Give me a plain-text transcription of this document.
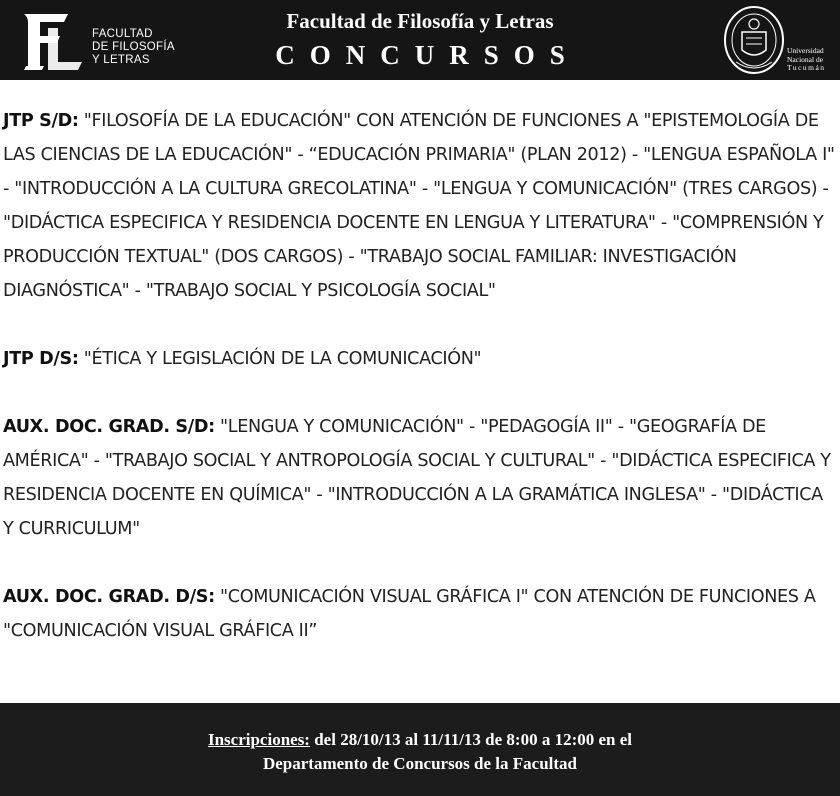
FACULTAD
DE FILOSOFÍA
Y LETRAS
Facultad de Filosofía y Letras
CONCURSOS	Universidad
Nacional de
Tucumán
JTP S/D: "FILOSOFÍA DE LA EDUCACIÓN" CON ATENCIÓN DE FUNCIONES A "EPISTEMOLOGÍA DE LAS CIENCIAS DE LA EDUCACIÓN" - “EDUCACIÓN PRIMARIA" (PLAN 2012) - "LENGUA ESPAÑOLA I" - "INTRODUCCIÓN A LA CULTURA GRECOLATINA" - "LENGUA Y COMUNICACIÓN" (TRES CARGOS) - "DIDÁCTICA ESPECIFICA Y RESIDENCIA DOCENTE EN LENGUA Y LITERATURA" - "COMPRENSIÓN Y PRODUCCIÓN TEXTUAL" (DOS CARGOS) - "TRABAJO SOCIAL FAMILIAR: INVESTIGACIÓN DIAGNÓSTICA" - "TRABAJO SOCIAL Y PSICOLOGÍA SOCIAL"
JTP D/S: "ÉTICA Y LEGISLACIÓN DE LA COMUNICACIÓN"
AUX. DOC. GRAD. S/D: "LENGUA Y COMUNICACIÓN" - "PEDAGOGÍA II" - "GEOGRAFÍA DE AMÉRICA" - "TRABAJO SOCIAL Y ANTROPOLOGÍA SOCIAL Y CULTURAL" - "DIDÁCTICA ESPECIFICA Y RESIDENCIA DOCENTE EN QUÍMICA" - "INTRODUCCIÓN A LA GRAMÁTICA INGLESA" - "DIDÁCTICA Y CURRICULUM"
AUX. DOC. GRAD. D/S: "COMUNICACIÓN VISUAL GRÁFICA I" CON ATENCIÓN DE FUNCIONES A "COMUNICACIÓN VISUAL GRÁFICA II”
Inscripciones: del 28/10/13 al 11/11/13 de 8:00 a 12:00 en el
Departamento de Concursos de la Facultad
